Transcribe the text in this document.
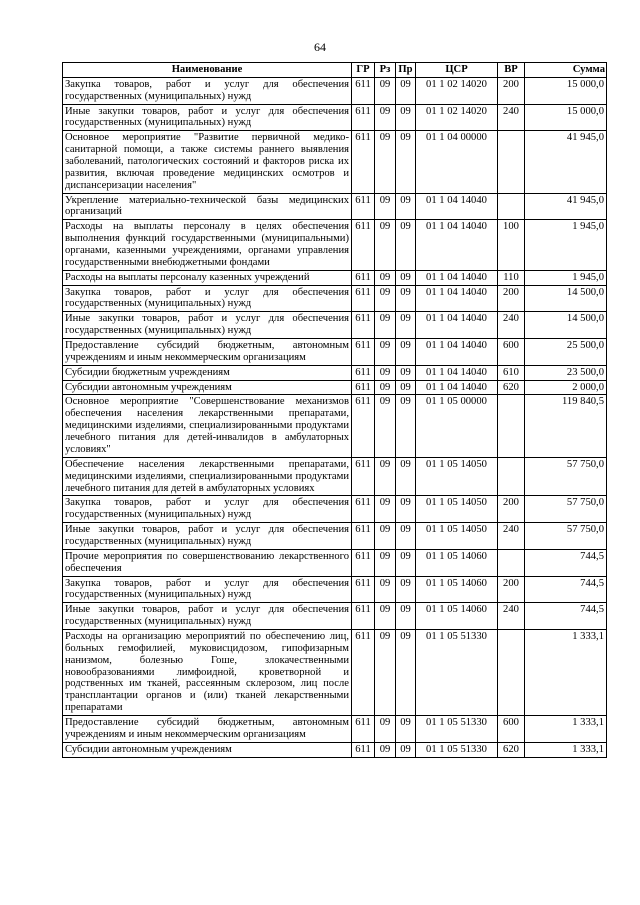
64
Наименование	ГР	Рз	Пр	ЦСР	ВР	Сумма
Закупка товаров, работ и услуг для обеспечения государственных (муниципальных) нужд	611	09	09	01 1 02 14020	200	15 000,0
Иные закупки товаров, работ и услуг для обеспечения государственных (муниципальных) нужд	611	09	09	01 1 02 14020	240	15 000,0
Основное мероприятие "Развитие первичной медико-санитарной помощи, а также системы раннего выявления заболеваний, патологических состояний и факторов риска их развития, включая проведение медицинских осмотров и диспансеризации населения"	611	09	09	01 1 04 00000		41 945,0
Укрепление материально-технической базы медицинских организаций	611	09	09	01 1 04 14040		41 945,0
Расходы на выплаты персоналу в целях обеспечения выполнения функций государственными (муниципальными) органами, казенными учреждениями, органами управления государственными внебюджетными фондами	611	09	09	01 1 04 14040	100	1 945,0
Расходы на выплаты персоналу казенных учреждений	611	09	09	01 1 04 14040	110	1 945,0
Закупка товаров, работ и услуг для обеспечения государственных (муниципальных) нужд	611	09	09	01 1 04 14040	200	14 500,0
Иные закупки товаров, работ и услуг для обеспечения государственных (муниципальных) нужд	611	09	09	01 1 04 14040	240	14 500,0
Предоставление субсидий бюджетным, автономным учреждениям и иным некоммерческим организациям	611	09	09	01 1 04 14040	600	25 500,0
Субсидии бюджетным учреждениям	611	09	09	01 1 04 14040	610	23 500,0
Субсидии автономным учреждениям	611	09	09	01 1 04 14040	620	2 000,0
Основное мероприятие "Совершенствование механизмов обеспечения населения лекарственными препаратами, медицинскими изделиями, специализированными продуктами лечебного питания для детей-инвалидов в амбулаторных условиях"	611	09	09	01 1 05 00000		119 840,5
Обеспечение населения лекарственными препаратами, медицинскими изделиями, специализированными продуктами лечебного питания для детей в амбулаторных условиях	611	09	09	01 1 05 14050		57 750,0
Закупка товаров, работ и услуг для обеспечения государственных (муниципальных) нужд	611	09	09	01 1 05 14050	200	57 750,0
Иные закупки товаров, работ и услуг для обеспечения государственных (муниципальных) нужд	611	09	09	01 1 05 14050	240	57 750,0
Прочие мероприятия по совершенствованию лекарственного обеспечения	611	09	09	01 1 05 14060		744,5
Закупка товаров, работ и услуг для обеспечения государственных (муниципальных) нужд	611	09	09	01 1 05 14060	200	744,5
Иные закупки товаров, работ и услуг для обеспечения государственных (муниципальных) нужд	611	09	09	01 1 05 14060	240	744,5
Расходы на организацию мероприятий по обеспечению лиц, больных гемофилией, муковисцидозом, гипофизарным нанизмом, болезнью Гоше, злокачественными новообразованиями лимфоидной, кроветворной и родственных им тканей, рассеянным склерозом, лиц после трансплантации органов и (или) тканей лекарственными препаратами	611	09	09	01 1 05 51330		1 333,1
Предоставление субсидий бюджетным, автономным учреждениям и иным некоммерческим организациям	611	09	09	01 1 05 51330	600	1 333,1
Субсидии автономным учреждениям	611	09	09	01 1 05 51330	620	1 333,1
